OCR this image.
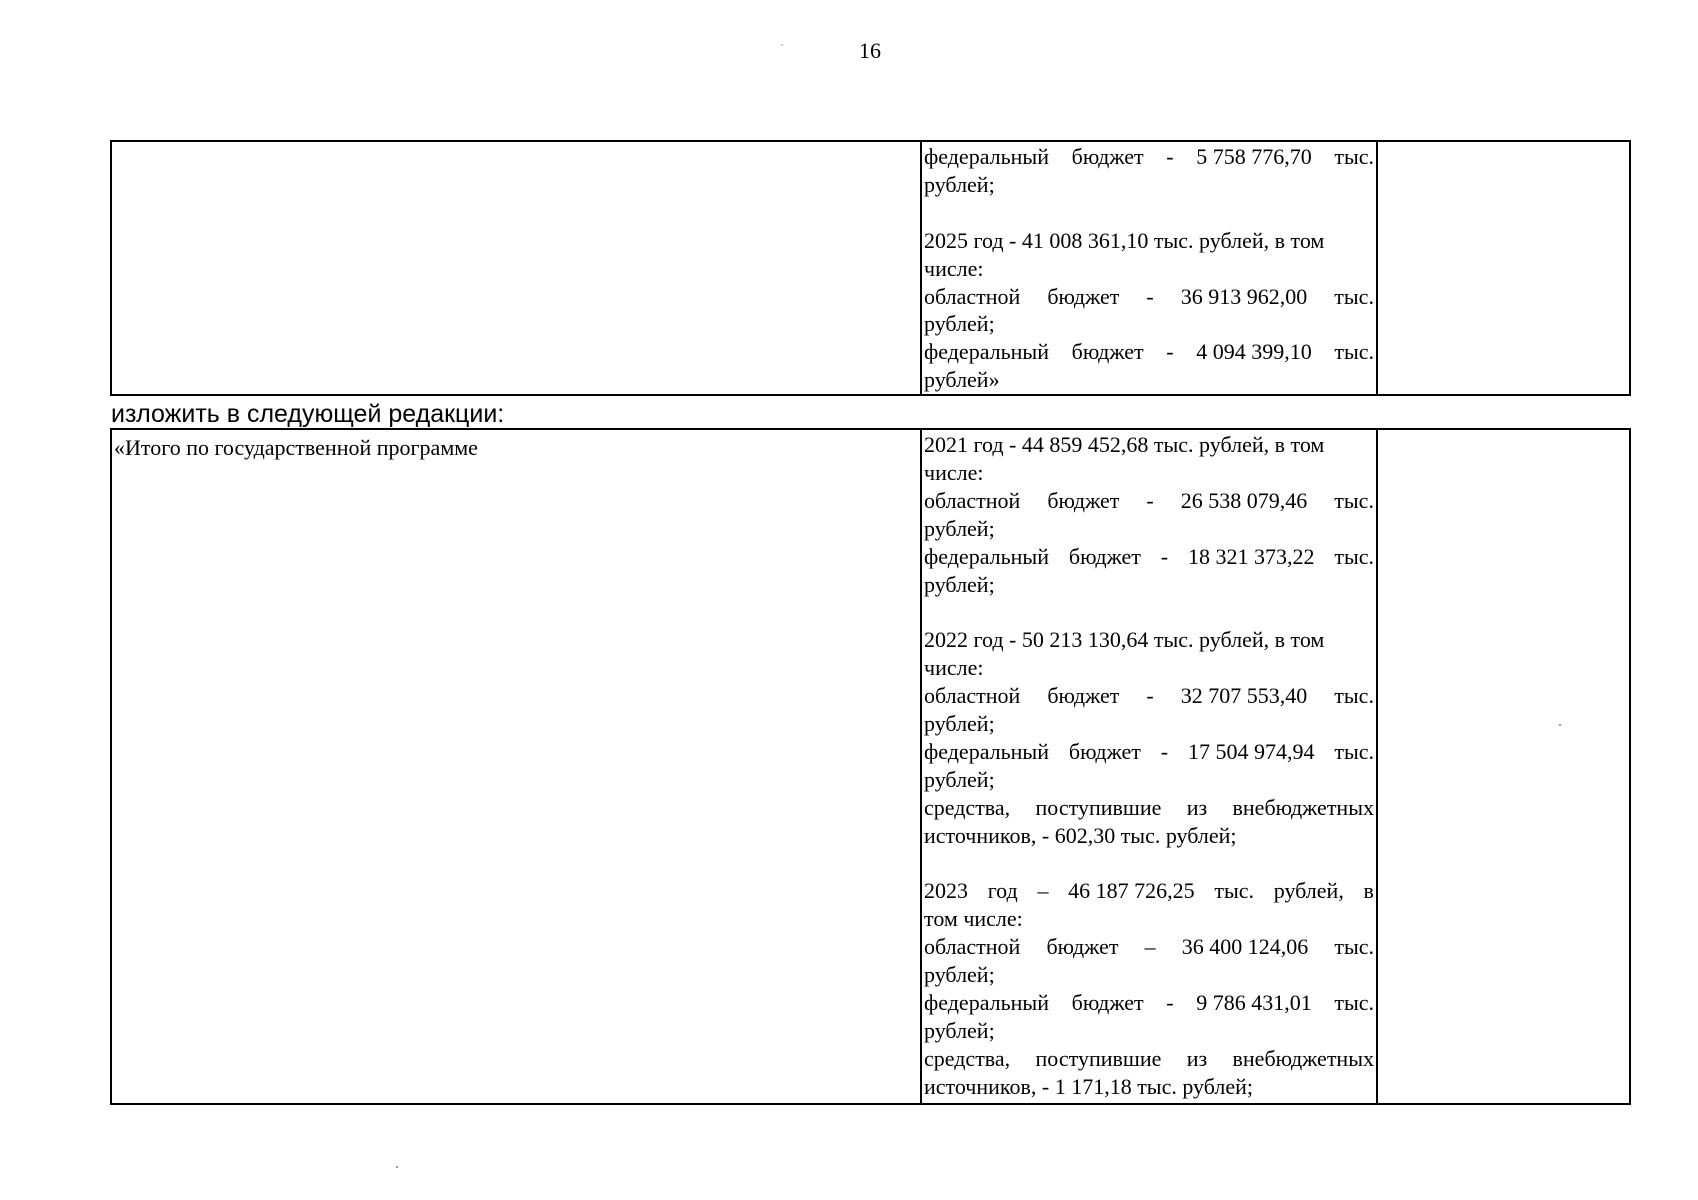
16

федеральный бюджет - 5 758 776,70 тыс.
рублей;
2025 год - 41 008 361,10 тыс. рублей, в том
числе:
областной бюджет - 36 913 962,00 тыс.
рублей;
федеральный бюджет - 4 094 399,10 тыс.
рублей»

изложить в следующей редакции:
«Итого по государственной программе	2021 год - 44 859 452,68 тыс. рублей, в том
числе:
областной бюджет - 26 538 079,46 тыс.
рублей;
федеральный бюджет - 18 321 373,22 тыс.
рублей;
2022 год - 50 213 130,64 тыс. рублей, в том
числе:
областной бюджет - 32 707 553,40 тыс.
рублей;
федеральный бюджет - 17 504 974,94 тыс.
рублей;
средства, поступившие из внебюджетных
источников, - 602,30 тыс. рублей;
2023 год – 46 187 726,25 тыс. рублей, в
том числе:
областной бюджет – 36 400 124,06 тыс.
рублей;
федеральный бюджет - 9 786 431,01 тыс.
рублей;
средства, поступившие из внебюджетных
источников, - 1 171,18 тыс. рублей;
